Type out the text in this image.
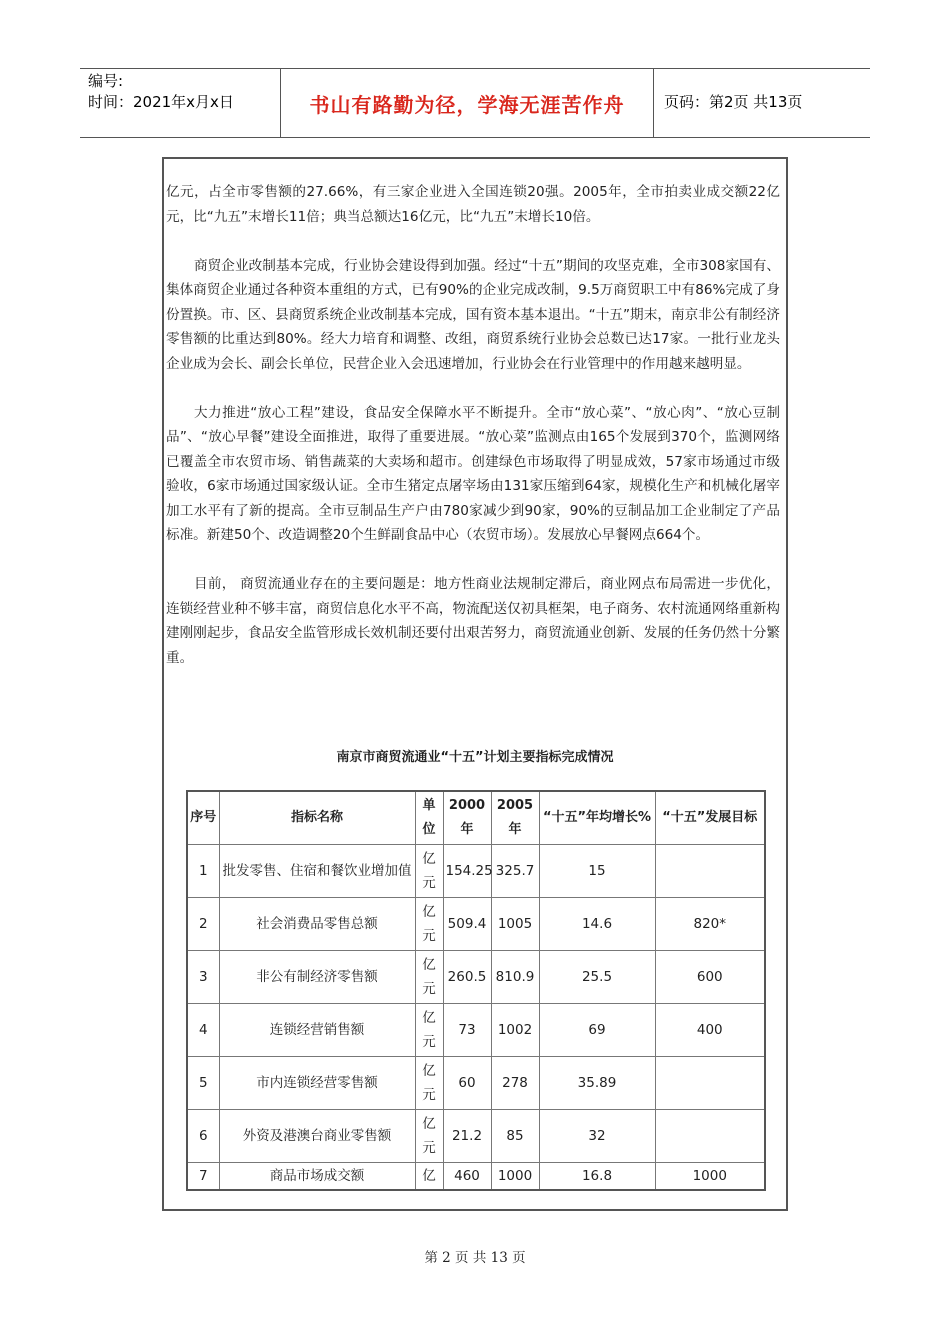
编号:
时间：2021年x月x日	书山有路勤为径，学海无涯苦作舟	页码：第2页 共13页

亿元，占全市零售额的27.66%，有三家企业进入全国连锁20强。2005年，全市拍卖业成交额22亿元，比“九五”末增长11倍；典当总额达16亿元，比“九五”末增长10倍。

商贸企业改制基本完成，行业协会建设得到加强。经过“十五”期间的攻坚克难，全市308家国有、集体商贸企业通过各种资本重组的方式，已有90%的企业完成改制，9.5万商贸职工中有86%完成了身份置换。市、区、县商贸系统企业改制基本完成，国有资本基本退出。“十五”期末，南京非公有制经济零售额的比重达到80%。经大力培育和调整、改组，商贸系统行业协会总数已达17家。一批行业龙头企业成为会长、副会长单位，民营企业入会迅速增加，行业协会在行业管理中的作用越来越明显。

大力推进“放心工程”建设，食品安全保障水平不断提升。全市“放心菜”、“放心肉”、“放心豆制品”、“放心早餐”建设全面推进，取得了重要进展。“放心菜”监测点由165个发展到370个，监测网络已覆盖全市农贸市场、销售蔬菜的大卖场和超市。创建绿色市场取得了明显成效，57家市场通过市级验收，6家市场通过国家级认证。全市生猪定点屠宰场由131家压缩到64家，规模化生产和机械化屠宰加工水平有了新的提高。全市豆制品生产户由780家减少到90家，90%的豆制品加工企业制定了产品标准。新建50个、改造调整20个生鲜副食品中心（农贸市场）。发展放心早餐网点664个。

目前， 商贸流通业存在的主要问题是：地方性商业法规制定滞后，商业网点布局需进一步优化，连锁经营业种不够丰富，商贸信息化水平不高，物流配送仅初具框架，电子商务、农村流通网络重新构建刚刚起步，食品安全监管形成长效机制还要付出艰苦努力，商贸流通业创新、发展的任务仍然十分繁重。

南京市商贸流通业“十五”计划主要指标完成情况
序号	指标名称	单位	2000年	2005年	“十五”年均增长%	“十五”发展目标
1	批发零售、住宿和餐饮业增加值	亿元	154.25	325.7	15	
2	社会消费品零售总额	亿元	509.4	1005	14.6	820*
3	非公有制经济零售额	亿元	260.5	810.9	25.5	600
4	连锁经营销售额	亿元	73	1002	69	400
5	市内连锁经营零售额	亿元	60	278	35.89	
6	外资及港澳台商业零售额	亿元	21.2	85	32	
7	商品市场成交额	亿	460	1000	16.8	1000
第 2 页 共 13 页
